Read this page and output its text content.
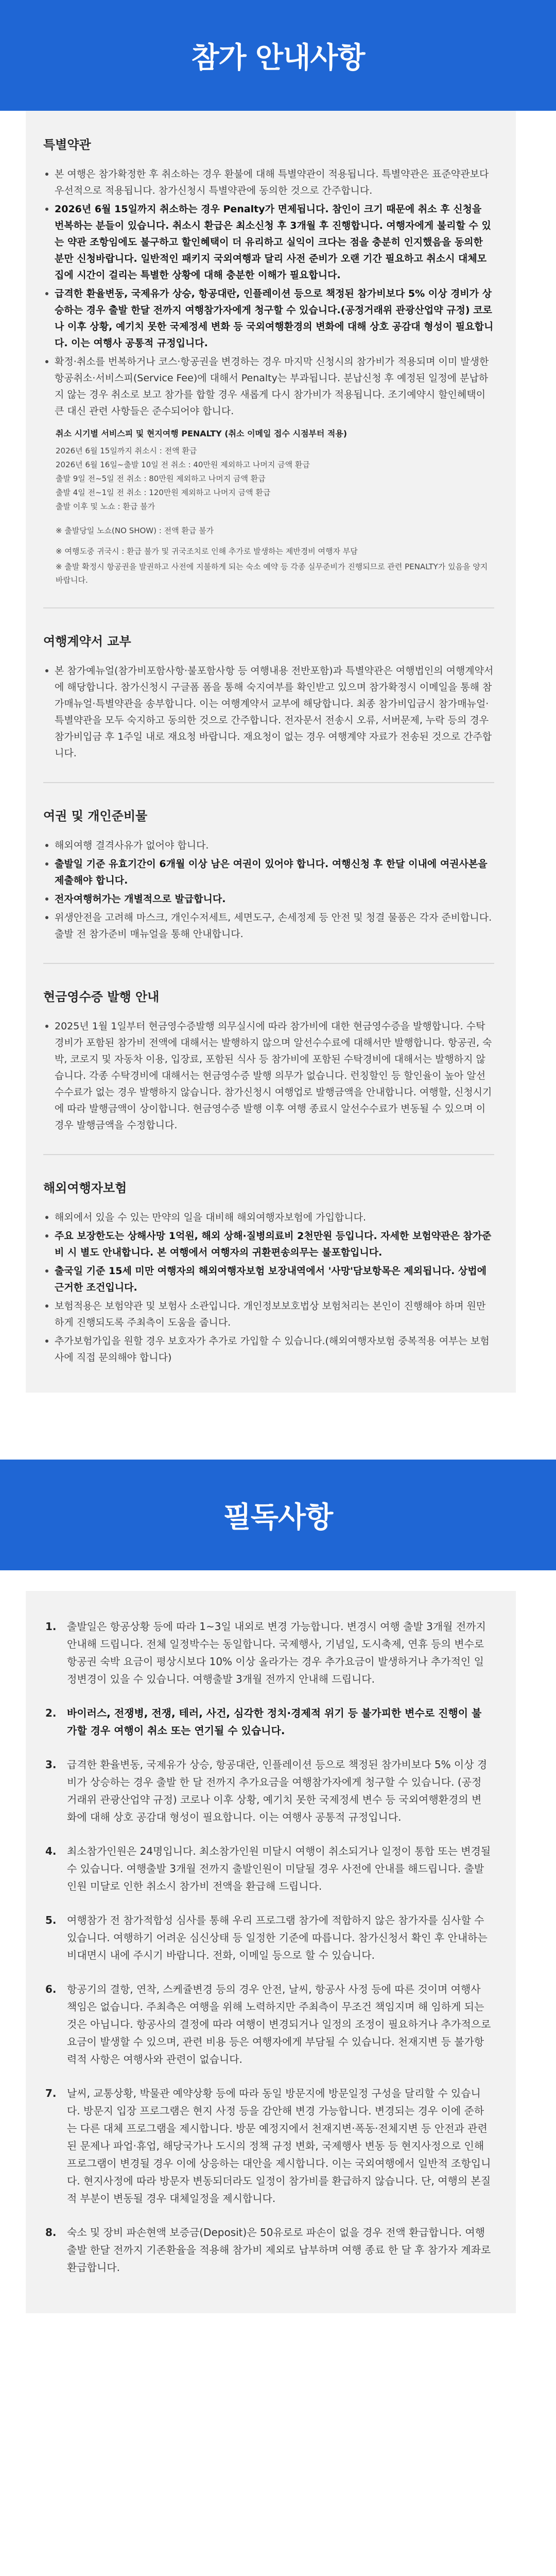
참가 안내사항
특별약관
본 여행은 참가확정한 후 취소하는 경우 환불에 대해 특별약관이 적용됩니다. 특별약관은 표준약관보다 우선적으로 적용됩니다. 참가신청시 특별약관에 동의한 것으로 간주합니다.
2026년 6월 15일까지 취소하는 경우 Penalty가 면제됩니다. 참인이 크기 때문에 취소 후 신청을 번복하는 분들이 있습니다. 취소시 환급은 최소신청 후 3개월 후 진행합니다. 여행자에게 불리할 수 있는 약관 조항임에도 불구하고 할인혜택이 더 유리하고 실익이 크다는 점을 충분히 인지했음을 동의한 분만 신청바랍니다. 일반적인 패키지 국외여행과 달리 사전 준비가 오랜 기간 필요하고 취소시 대체모집에 시간이 걸리는 특별한 상황에 대해 충분한 이해가 필요합니다.
급격한 환율변동, 국제유가 상승, 항공대란, 인플레이션 등으로 책정된 참가비보다 5% 이상 경비가 상승하는 경우 출발 한달 전까지 여행참가자에게 청구할 수 있습니다.(공정거래위 관광산업약 규정) 코로나 이후 상황, 예기치 못한 국제정세 변화 등 국외여행환경의 변화에 대해 상호 공감대 형성이 필요합니다. 이는 여행사 공통적 규정입니다.
확정·취소를 번복하거나 코스·항공권을 변경하는 경우 마지막 신청시의 참가비가 적용되며 이미 발생한 항공취소·서비스피(Service Fee)에 대해서 Penalty는 부과됩니다. 분납신청 후 예정된 일정에 분납하지 않는 경우 취소로 보고 참가를 합할 경우 새롭게 다시 참가비가 적용됩니다. 조기예약시 할인혜택이 큰 대신 관련 사항들은 준수되어야 합니다.
취소 시기별 서비스피 및 현지여행 PENALTY (취소 이메일 접수 시점부터 적용)
2026년 6월 15일까지 취소시 : 전액 환급
2026년 6월 16일~출발 10일 전 취소 : 40만원 제외하고 나머지 금액 환급
출발 9일 전~5일 전 취소 : 80만원 제외하고 나머지 금액 환급
출발 4일 전~1일 전 취소 : 120만원 제외하고 나머지 금액 환급
출발 이후 및 노쇼 : 환급 불가
※ 출발당일 노쇼(NO SHOW) : 전액 환급 불가
※ 여행도중 귀국시 : 환급 불가 및 귀국조치로 인해 추가로 발생하는 제반경비 여행자 부담
※ 출발 확정시 항공권을 발권하고 사전에 지불하게 되는 숙소 예약 등 각종 실무준비가 진행되므로 관련 PENALTY가 있음을 양지바랍니다.
여행계약서 교부
본 참가예뉴얼(참가비포함사항·불포함사항 등 여행내용 전반포함)과 특별약관은 여행법인의 여행계약서에 해당합니다. 참가신청시 구글폼 폼을 통해 숙지여부를 확인받고 있으며 참가확정시 이메일을 통해 참가매뉴얼·특별약관을 송부합니다. 이는 여행계약서 교부에 해당합니다. 최종 참가비입금시 참가매뉴얼·특별약관을 모두 숙지하고 동의한 것으로 간주합니다. 전자문서 전송시 오류, 서버문제, 누락 등의 경우 참가비입금 후 1주일 내로 재요청 바랍니다. 재요청이 없는 경우 여행계약 자료가 전송된 것으로 간주합니다.
여권 및 개인준비물
해외여행 결격사유가 없어야 합니다.
출발일 기준 유효기간이 6개월 이상 남은 여권이 있어야 합니다. 여행신청 후 한달 이내에 여권사본을 제출해야 합니다.
전자여행허가는 개별적으로 발급합니다.
위생안전을 고려해 마스크, 개인수저세트, 세면도구, 손세정제 등 안전 및 청결 물품은 각자 준비합니다. 출발 전 참가준비 매뉴얼을 통해 안내합니다.
현금영수증 발행 안내
2025년 1월 1일부터 현금영수증발행 의무실시에 따라 참가비에 대한 현금영수증을 발행합니다. 수탁경비가 포함된 참가비 전액에 대해서는 발행하지 않으며 알선수수료에 대해서만 발행합니다. 항공권, 숙박, 코로지 및 자동차 이용, 입장료, 포함된 식사 등 참가비에 포함된 수탁경비에 대해서는 발행하지 않습니다. 각종 수탁경비에 대해서는 현금영수증 발행 의무가 없습니다. 런칭할인 등 할인율이 높아 알선수수료가 없는 경우 발행하지 않습니다. 참가신청시 여행업로 발행금액을 안내합니다. 여행할, 신청시기에 따라 발행금액이 상이합니다. 현금영수증 발행 이후 여행 종료시 알선수수료가 변동될 수 있으며 이 경우 발행금액을 수정합니다.
해외여행자보험
해외에서 있을 수 있는 만약의 일을 대비해 해외여행자보험에 가입합니다.
주요 보장한도는 상해사망 1억원, 해외 상해·질병의료비 2천만원 등입니다. 자세한 보험약관은 참가준비 시 별도 안내합니다. 본 여행에서 여행자의 귀환편송의무는 불포함입니다.
출국일 기준 15세 미만 여행자의 해외여행자보험 보장내역에서 '사망'담보항목은 제외됩니다. 상법에 근거한 조건입니다.
보험적용은 보험약관 및 보험사 소관입니다. 개인정보보호법상 보험처리는 본인이 진행해야 하며 원만하게 진행되도록 주최측이 도움을 줍니다.
추가보험가입을 원할 경우 보호자가 추가로 가입할 수 있습니다.(해외여행자보험 중복적용 여부는 보험사에 직접 문의해야 합니다)
필독사항
1. 출발일은 항공상황 등에 따라 1~3일 내외로 변경 가능합니다. 변경시 여행 출발 3개월 전까지 안내해 드립니다. 전체 일정박수는 동일합니다. 국제행사, 기념일, 도시축제, 연휴 등의 변수로 항공권 숙박 요금이 평상시보다 10% 이상 올라가는 경우 추가요금이 발생하거나 추가적인 일정변경이 있을 수 있습니다. 여행출발 3개월 전까지 안내해 드립니다.
2. 바이러스, 전쟁병, 전쟁, 테러, 사건, 심각한 정치·경제적 위기 등 불가피한 변수로 진행이 불가할 경우 여행이 취소 또는 연기될 수 있습니다.
3. 급격한 환율변동, 국제유가 상승, 항공대란, 인플레이션 등으로 책정된 참가비보다 5% 이상 경비가 상승하는 경우 출발 한 달 전까지 추가요금을 여행참가자에게 청구할 수 있습니다. (공정거래위 관광산업약 규정) 코로나 이후 상황, 예기치 못한 국제정세 변수 등 국외여행환경의 변화에 대해 상호 공감대 형성이 필요합니다. 이는 여행사 공통적 규정입니다.
4. 최소참가인원은 24명입니다. 최소참가인원 미달시 여행이 취소되거나 일정이 통합 또는 변경될 수 있습니다. 여행출발 3개월 전까지 출발인원이 미달될 경우 사전에 안내를 해드립니다. 출발인원 미달로 인한 취소시 참가비 전액을 환급해 드립니다.
5. 여행참가 전 참가적합성 심사를 통해 우리 프로그램 참가에 적합하지 않은 참가자를 심사할 수 있습니다. 여행하기 어려운 심신상태 등 일정한 기준에 따릅니다. 참가신청서 확인 후 안내하는 비대면시 내에 주시기 바랍니다. 전화, 이메일 등으로 할 수 있습니다.
6. 항공기의 결항, 연착, 스케쥴변경 등의 경우 안전, 날씨, 항공사 사정 등에 따른 것이며 여행사 책임은 없습니다. 주최측은 여행을 위해 노력하지만 주최측이 무조건 책임지며 해 임하게 되는 것은 아닙니다. 항공사의 결정에 따라 여행이 변경되거나 일정의 조정이 필요하거나 추가적으로 요금이 발생할 수 있으며, 관련 비용 등은 여행자에게 부담될 수 있습니다. 천재지변 등 불가항력적 사항은 여행사와 관련이 없습니다.
7. 날씨, 교통상황, 박물관 예약상황 등에 따라 동일 방문지에 방문일정 구성을 달리할 수 있습니다. 방문지 입장 프로그램은 현지 사정 등을 감안해 변경 가능합니다. 변경되는 경우 이에 준하는 다른 대체 프로그램을 제시합니다. 방문 예정지에서 천재지변·폭동·전체지변 등 안전과 관련된 문제나 파업·휴업, 해당국가나 도시의 정책 규정 변화, 국제행사 변동 등 현지사정으로 인해 프로그램이 변경될 경우 이에 상응하는 대안을 제시합니다. 이는 국외여행에서 일반적 조항입니다. 현지사정에 따라 방문자 변동되더라도 일정이 참가비를 환급하지 않습니다. 단, 여행의 본질적 부분이 변동될 경우 대체일정을 제시합니다.
8. 숙소 및 장비 파손현액 보증금(Deposit)은 50유로로 파손이 없을 경우 전액 환급합니다. 여행 출발 한달 전까지 기존환율을 적용해 참가비 제외로 납부하며 여행 종료 한 달 후 참가자 계좌로 환급합니다.
